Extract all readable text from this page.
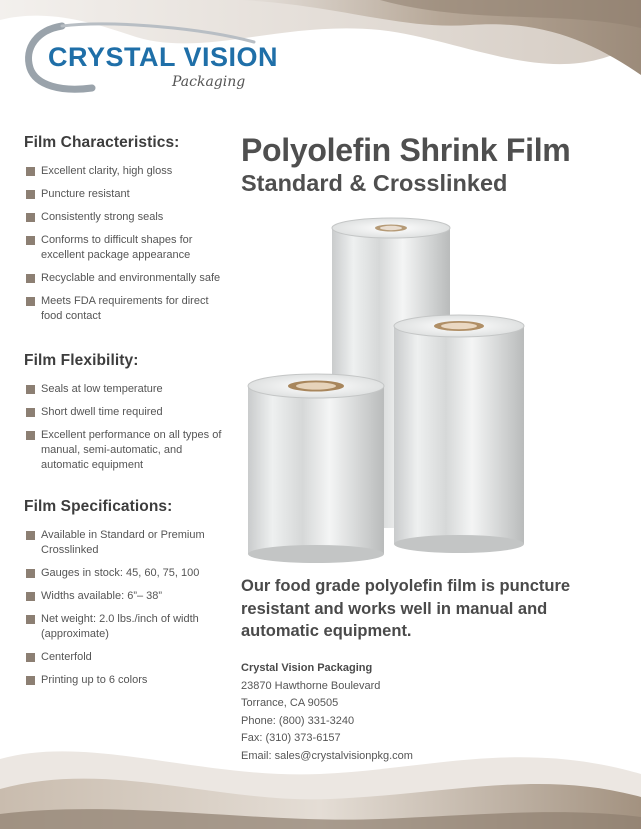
CRYSTAL VISION
Packaging
Film Characteristics:
Excellent clarity, high gloss
Puncture resistant
Consistently strong seals
Conforms to difficult shapes for excellent package appearance
Recyclable and environmentally safe
Meets FDA requirements for direct food contact
Film Flexibility:
Seals at low temperature
Short dwell time required
Excellent performance on all types of manual, semi-automatic, and automatic equipment
Film Specifications:
Available in Standard or Premium Crosslinked
Gauges in stock: 45, 60, 75, 100
Widths available: 6”– 38”
Net weight: 2.0 lbs./inch of width (approximate)
Centerfold
Printing up to 6 colors
Polyolefin Shrink Film
Standard & Crosslinked
Our food grade polyolefin film is puncture resistant and works well in manual and automatic equipment.
Crystal Vision Packaging
23870 Hawthorne Boulevard
Torrance, CA 90505
Phone: (800) 331-3240
Fax: (310) 373-6157
Email: sales@crystalvisionpkg.com
